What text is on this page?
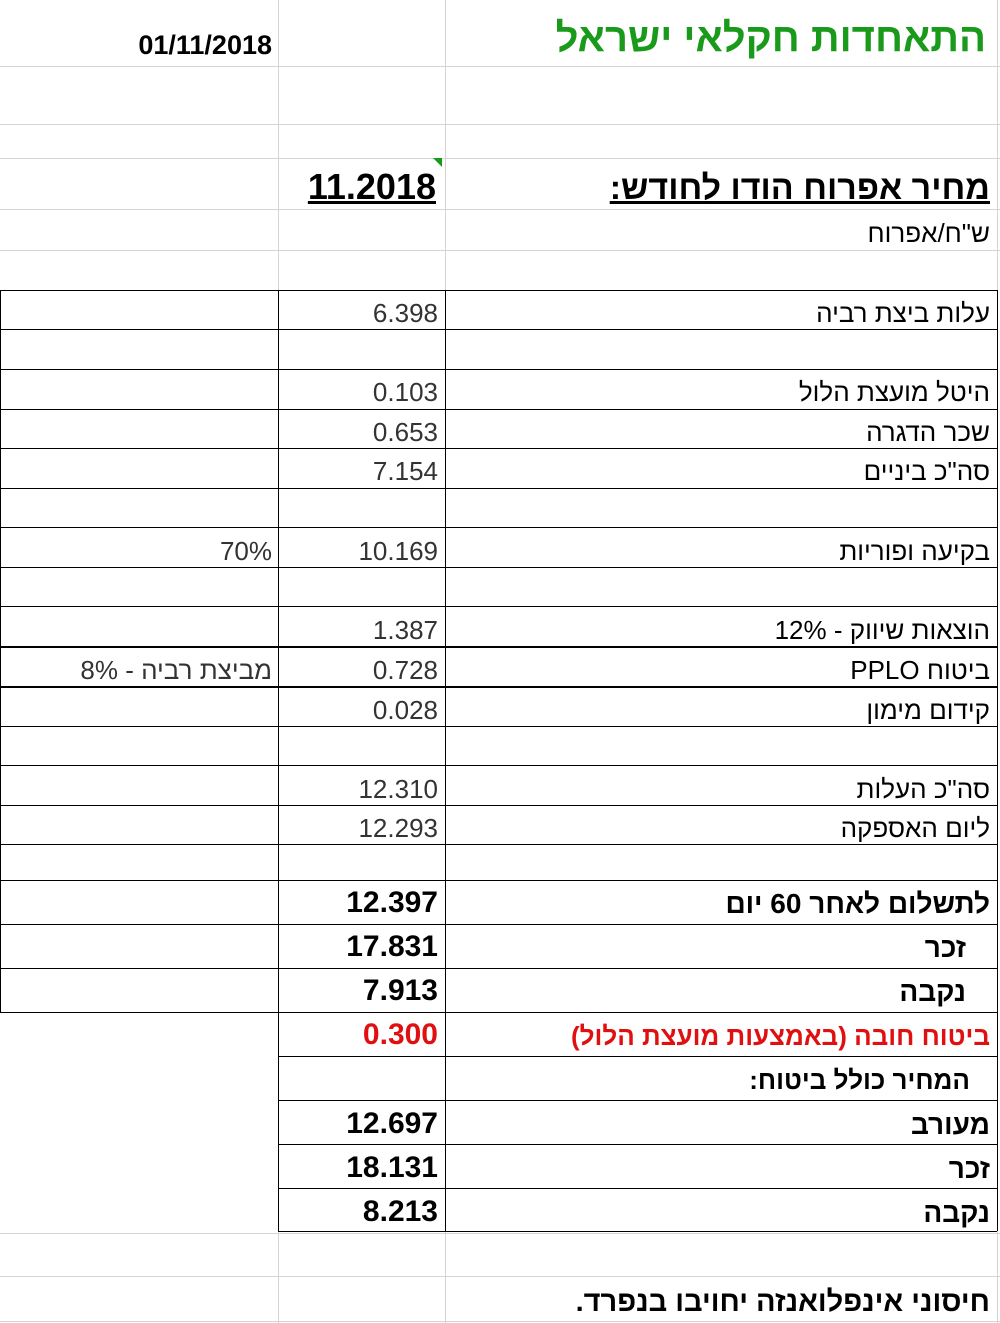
התאחדות חקלאי ישראל
01/11/2018
מחיר אפרוח הודו לחודש:
11.2018
ש"ח/אפרוח
עלות ביצת רביה
6.398
היטל מועצת הלול
0.103
שכר הדגרה
0.653
סה"כ ביניים
7.154
בקיעה ופוריות
10.169
70%
הוצאות שיווק - 12%
1.387
ביטוח PPLO
0.728
מביצת רביה - 8%
קידום מימון
0.028
סה"כ העלות
12.310
ליום האספקה
12.293
לתשלום לאחר 60 יום
12.397
זכר
17.831
נקבה
7.913
ביטוח חובה (באמצעות מועצת הלול)
0.300
המחיר כולל ביטוח:
מעורב
12.697
זכר
18.131
נקבה
8.213
חיסוני אינפלואנזה יחויבו בנפרד.
